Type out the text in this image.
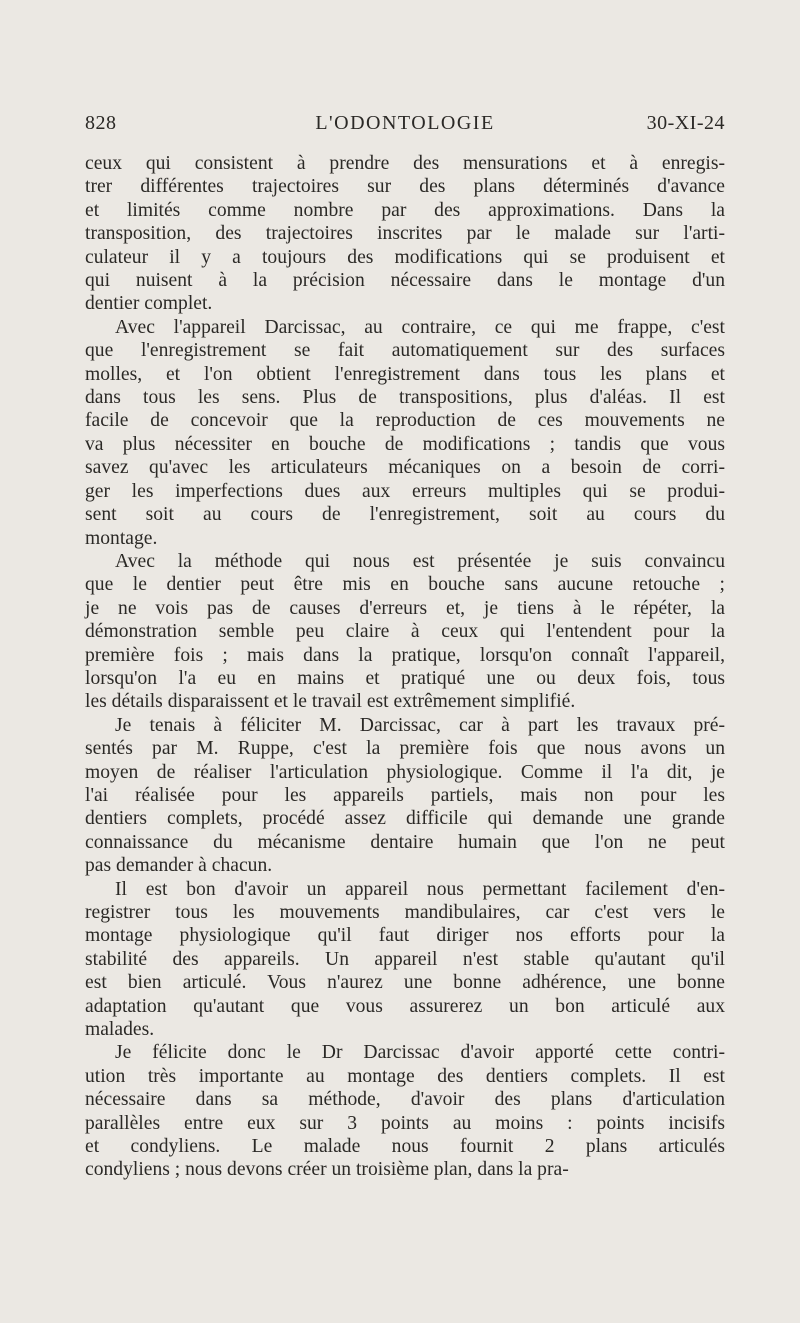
828	L'ODONTOLOGIE	30-XI-24
ceux qui consistent à prendre des mensurations et à enregis-
trer différentes trajectoires sur des plans déterminés d'avance
et limités comme nombre par des approximations. Dans la
transposition, des trajectoires inscrites par le malade sur l'arti-
culateur il y a toujours des modifications qui se produisent et
qui nuisent à la précision nécessaire dans le montage d'un
dentier complet.
Avec l'appareil Darcissac, au contraire, ce qui me frappe, c'est
que l'enregistrement se fait automatiquement sur des surfaces
molles, et l'on obtient l'enregistrement dans tous les plans et
dans tous les sens. Plus de transpositions, plus d'aléas. Il est
facile de concevoir que la reproduction de ces mouvements ne
va plus nécessiter en bouche de modifications ; tandis que vous
savez qu'avec les articulateurs mécaniques on a besoin de corri-
ger les imperfections dues aux erreurs multiples qui se produi-
sent soit au cours de l'enregistrement, soit au cours du
montage.
Avec la méthode qui nous est présentée je suis convaincu
que le dentier peut être mis en bouche sans aucune retouche ;
je ne vois pas de causes d'erreurs et, je tiens à le répéter, la
démonstration semble peu claire à ceux qui l'entendent pour la
première fois ; mais dans la pratique, lorsqu'on connaît l'appareil,
lorsqu'on l'a eu en mains et pratiqué une ou deux fois, tous
les détails disparaissent et le travail est extrêmement simplifié.
Je tenais à féliciter M. Darcissac, car à part les travaux pré-
sentés par M. Ruppe, c'est la première fois que nous avons un
moyen de réaliser l'articulation physiologique. Comme il l'a dit, je
l'ai réalisée pour les appareils partiels, mais non pour les
dentiers complets, procédé assez difficile qui demande une grande
connaissance du mécanisme dentaire humain que l'on ne peut
pas demander à chacun.
Il est bon d'avoir un appareil nous permettant facilement d'en-
registrer tous les mouvements mandibulaires, car c'est vers le
montage physiologique qu'il faut diriger nos efforts pour la
stabilité des appareils. Un appareil n'est stable qu'autant qu'il
est bien articulé. Vous n'aurez une bonne adhérence, une bonne
adaptation qu'autant que vous assurerez un bon articulé aux
malades.
Je félicite donc le Dr Darcissac d'avoir apporté cette contri-
ution très importante au montage des dentiers complets. Il est
nécessaire dans sa méthode, d'avoir des plans d'articulation
parallèles entre eux sur 3 points au moins : points incisifs
et condyliens. Le malade nous fournit 2 plans articulés
condyliens ; nous devons créer un troisième plan, dans la pra-
